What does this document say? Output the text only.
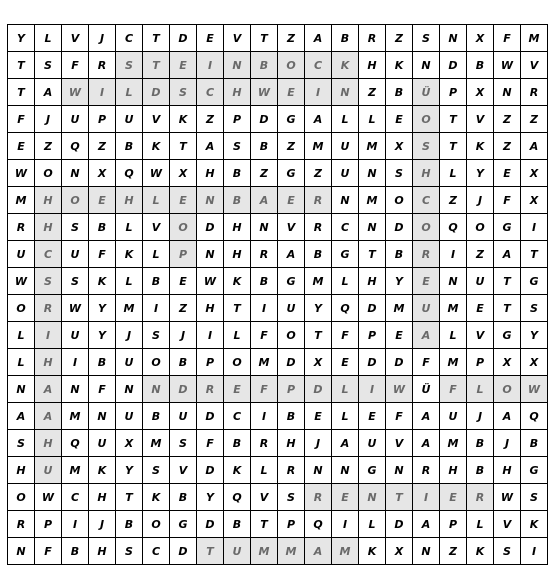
Y	L	V	J	C	T	D	E	V	T	Z	A	B	R	Z	S	N	X	F	M
T	S	F	R	S	T	E	I	N	B	O	C	K	H	K	N	D	B	W	V
T	A	W	I	L	D	S	C	H	W	E	I	N	Z	B	Ü	P	X	N	R
F	J	U	P	U	V	K	Z	P	D	G	A	L	L	E	O	T	V	Z	Z
E	Z	Q	Z	B	K	T	A	S	B	Z	M	U	M	X	S	T	K	Z	A
W	O	N	X	Q	W	X	H	B	Z	G	Z	U	N	S	H	L	Y	E	X
M	H	O	E	H	L	E	N	B	A	E	R	N	M	O	C	Z	J	F	X
R	H	S	B	L	V	O	D	H	N	V	R	C	N	D	O	Q	O	G	I
U	C	U	F	K	L	P	N	H	R	A	B	G	T	B	R	I	Z	A	T
W	S	S	K	L	B	E	W	K	B	G	M	L	H	Y	E	N	U	T	G
O	R	W	Y	M	I	Z	H	T	I	U	Y	Q	D	M	U	M	E	T	S
L	I	U	Y	J	S	J	I	L	F	O	T	F	P	E	A	L	V	G	Y
L	H	I	B	U	O	B	P	O	M	D	X	E	D	D	F	M	P	X	X
N	A	N	F	N	N	D	R	E	F	P	D	L	I	W	Ü	F	L	O	W
A	A	M	N	U	B	U	D	C	I	B	E	L	E	F	A	U	J	A	Q
S	H	Q	U	X	M	S	F	B	R	H	J	A	U	V	A	M	B	J	B
H	U	M	K	Y	S	V	D	K	L	R	N	N	G	N	R	H	B	H	G
O	W	C	H	T	K	B	Y	Q	V	S	R	E	N	T	I	E	R	W	S
R	P	I	J	B	O	G	D	B	T	P	Q	I	L	D	A	P	L	V	K
N	F	B	H	S	C	D	T	U	M	M	A	M	K	X	N	Z	K	S	I
